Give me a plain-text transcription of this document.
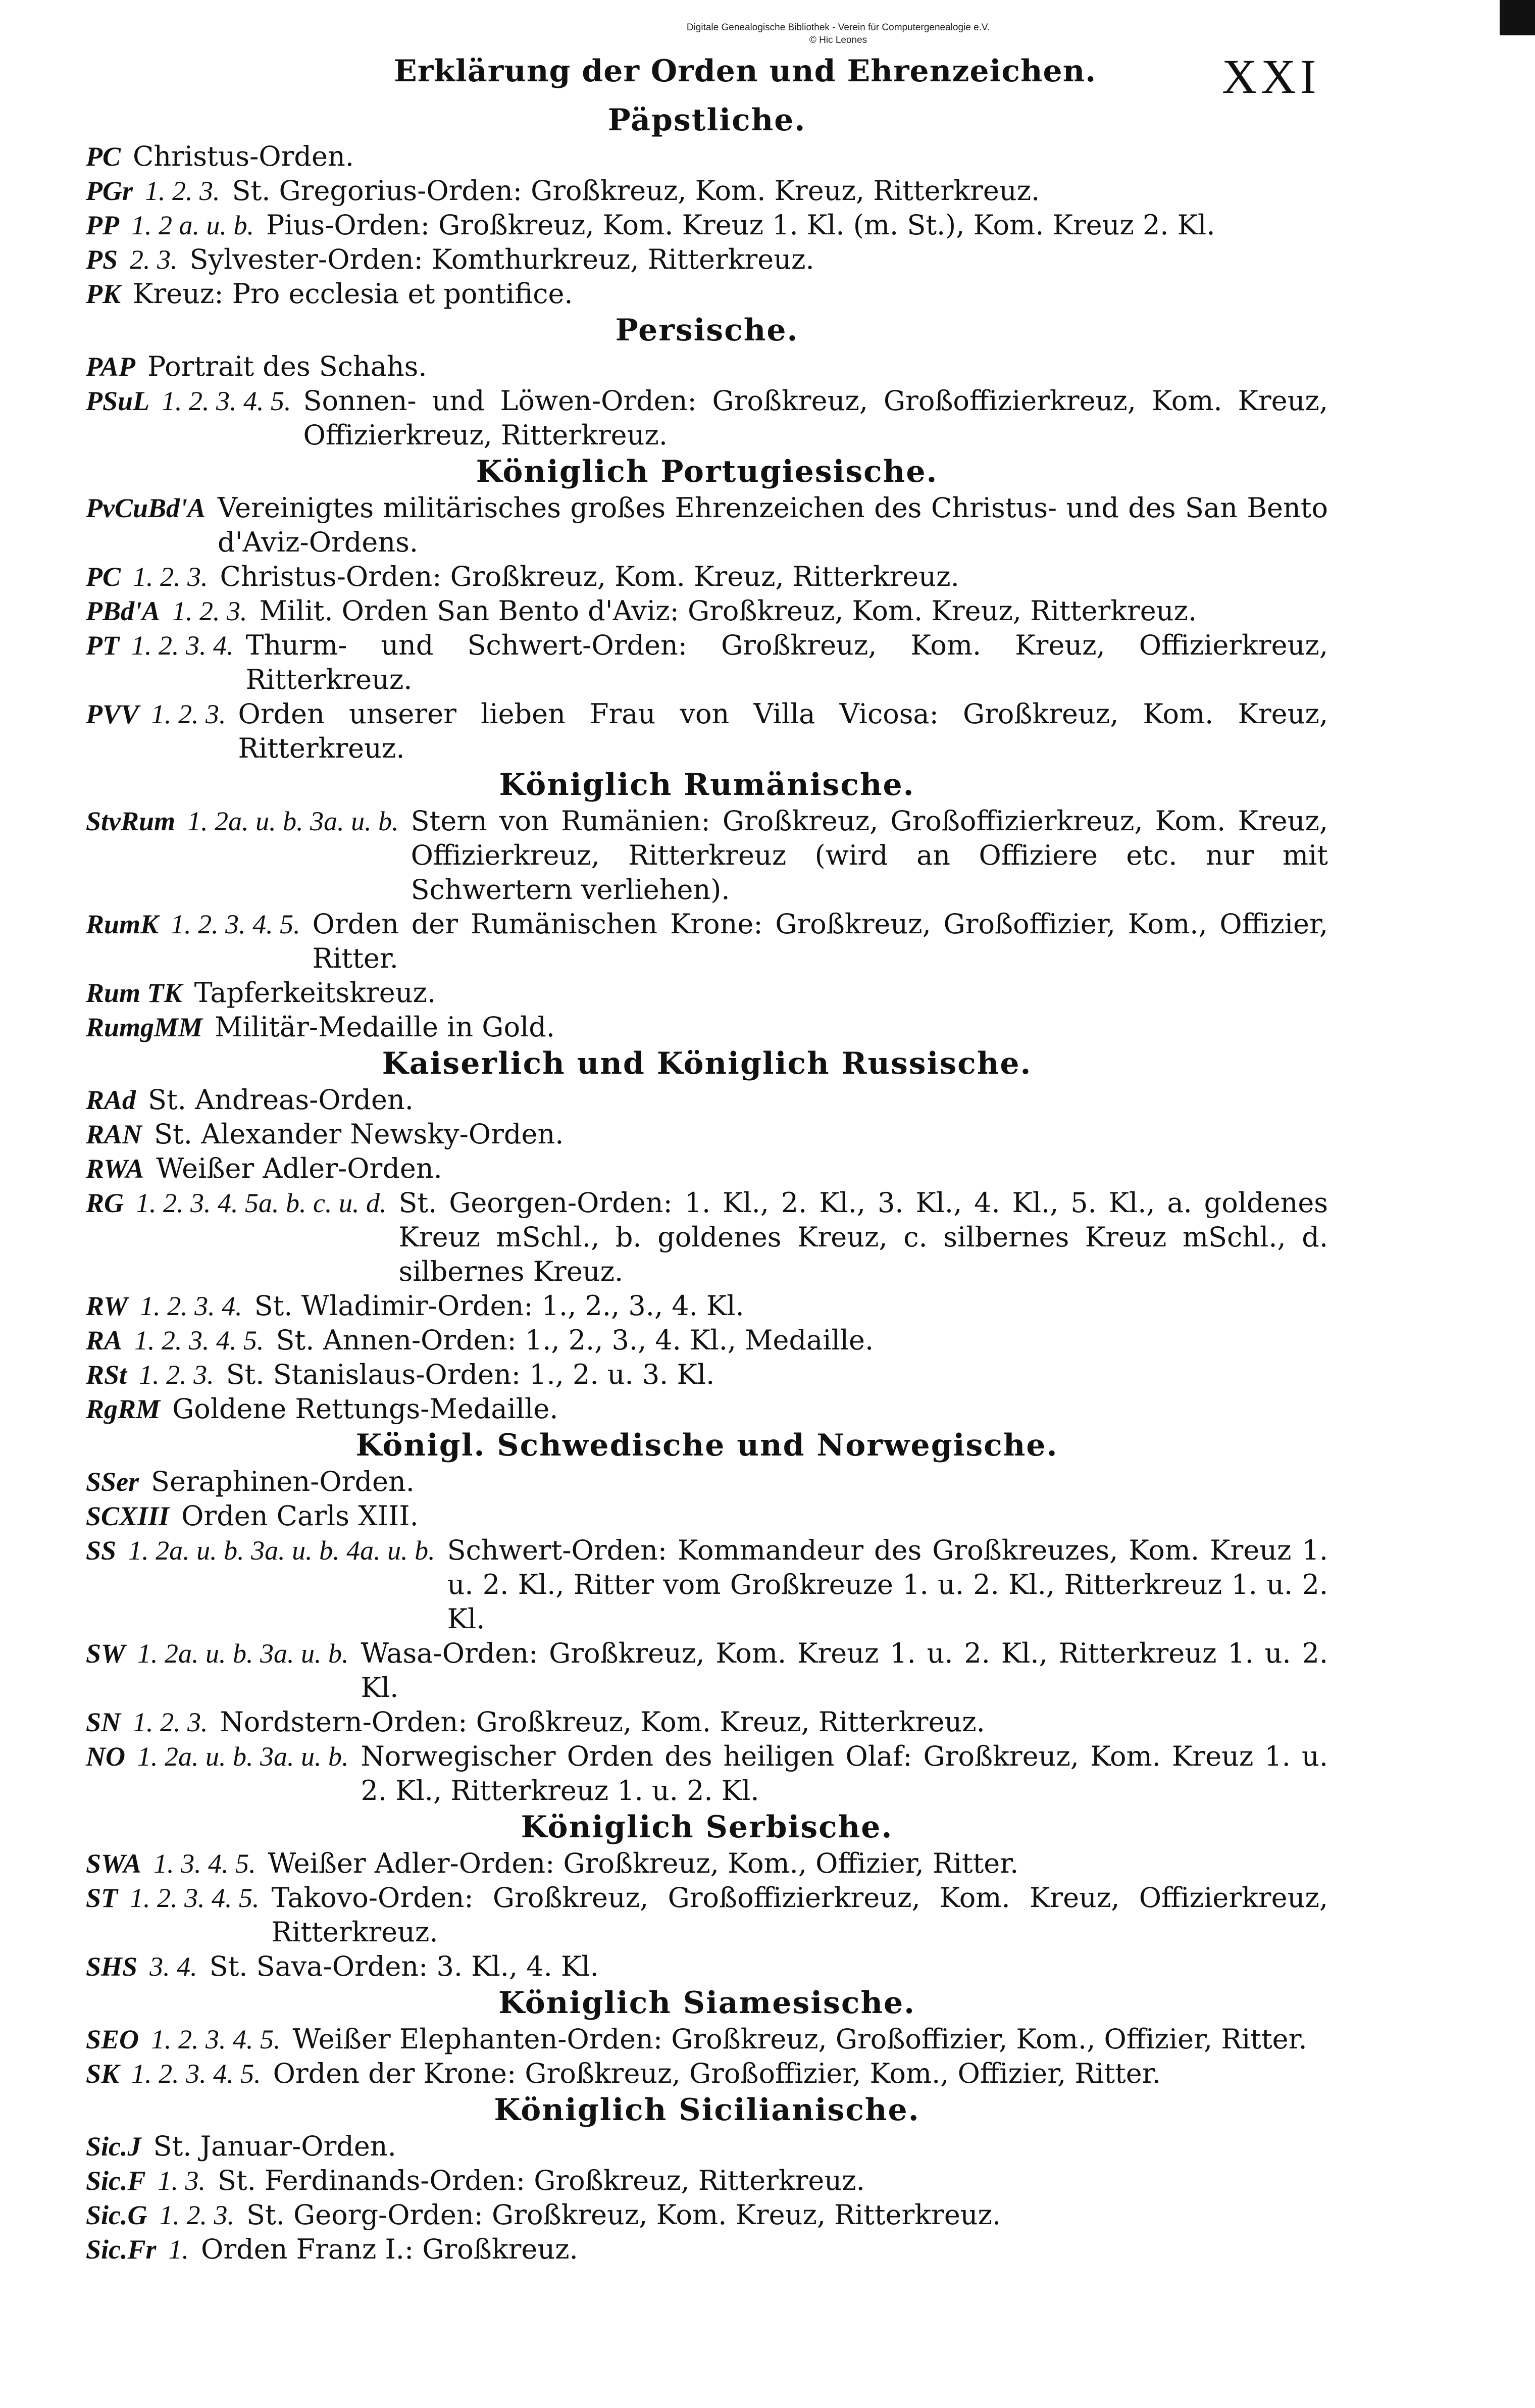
Digitale Genealogische Bibliothek - Verein für Computergenealogie e.V.
© Hic Leones
Erklärung der Orden und Ehrenzeichen.	XXI
Päpstliche.
PC Christus-Orden.
PGr 1. 2. 3. St. Gregorius-Orden: Großkreuz, Kom. Kreuz, Ritterkreuz.
PP 1. 2 a. u. b. Pius-Orden: Großkreuz, Kom. Kreuz 1. Kl. (m. St.), Kom. Kreuz 2. Kl.
PS 2. 3. Sylvester-Orden: Komthurkreuz, Ritterkreuz.
PK Kreuz: Pro ecclesia et pontifice.
Persische.
PAP Portrait des Schahs.
PSuL 1. 2. 3. 4. 5. Sonnen- und Löwen-Orden: Großkreuz, Großoffizierkreuz, Kom. Kreuz, Offizierkreuz, Ritterkreuz.
Königlich Portugiesische.
PvCuBd'A Vereinigtes militärisches großes Ehrenzeichen des Christus- und des San Bento d'Aviz-Ordens.
PC 1. 2. 3. Christus-Orden: Großkreuz, Kom. Kreuz, Ritterkreuz.
PBd'A 1. 2. 3. Milit. Orden San Bento d'Aviz: Großkreuz, Kom. Kreuz, Ritterkreuz.
PT 1. 2. 3. 4. Thurm- und Schwert-Orden: Großkreuz, Kom. Kreuz, Offizierkreuz, Ritterkreuz.
PVV 1. 2. 3. Orden unserer lieben Frau von Villa Vicosa: Großkreuz, Kom. Kreuz, Ritterkreuz.
Königlich Rumänische.
StvRum 1. 2a. u. b. 3a. u. b. Stern von Rumänien: Großkreuz, Großoffizierkreuz, Kom. Kreuz, Offizierkreuz, Ritterkreuz (wird an Offiziere etc. nur mit Schwertern verliehen).
RumK 1. 2. 3. 4. 5. Orden der Rumänischen Krone: Großkreuz, Großoffizier, Kom., Offizier, Ritter.
Rum TK Tapferkeitskreuz.
RumgMM Militär-Medaille in Gold.
Kaiserlich und Königlich Russische.
RAd St. Andreas-Orden.
RAN St. Alexander Newsky-Orden.
RWA Weißer Adler-Orden.
RG 1. 2. 3. 4. 5a. b. c. u. d. St. Georgen-Orden: 1. Kl., 2. Kl., 3. Kl., 4. Kl., 5. Kl., a. goldenes Kreuz mSchl., b. goldenes Kreuz, c. silbernes Kreuz mSchl., d. silbernes Kreuz.
RW 1. 2. 3. 4. St. Wladimir-Orden: 1., 2., 3., 4. Kl.
RA 1. 2. 3. 4. 5. St. Annen-Orden: 1., 2., 3., 4. Kl., Medaille.
RSt 1. 2. 3. St. Stanislaus-Orden: 1., 2. u. 3. Kl.
RgRM Goldene Rettungs-Medaille.
Königl. Schwedische und Norwegische.
SSer Seraphinen-Orden.
SCXIII Orden Carls XIII.
SS 1. 2a. u. b. 3a. u. b. 4a. u. b. Schwert-Orden: Kommandeur des Großkreuzes, Kom. Kreuz 1. u. 2. Kl., Ritter vom Großkreuze 1. u. 2. Kl., Ritterkreuz 1. u. 2. Kl.
SW 1. 2a. u. b. 3a. u. b. Wasa-Orden: Großkreuz, Kom. Kreuz 1. u. 2. Kl., Ritterkreuz 1. u. 2. Kl.
SN 1. 2. 3. Nordstern-Orden: Großkreuz, Kom. Kreuz, Ritterkreuz.
NO 1. 2a. u. b. 3a. u. b. Norwegischer Orden des heiligen Olaf: Großkreuz, Kom. Kreuz 1. u. 2. Kl., Ritterkreuz 1. u. 2. Kl.
Königlich Serbische.
SWA 1. 3. 4. 5. Weißer Adler-Orden: Großkreuz, Kom., Offizier, Ritter.
ST 1. 2. 3. 4. 5. Takovo-Orden: Großkreuz, Großoffizierkreuz, Kom. Kreuz, Offizierkreuz, Ritterkreuz.
SHS 3. 4. St. Sava-Orden: 3. Kl., 4. Kl.
Königlich Siamesische.
SEO 1. 2. 3. 4. 5. Weißer Elephanten-Orden: Großkreuz, Großoffizier, Kom., Offizier, Ritter.
SK 1. 2. 3. 4. 5. Orden der Krone: Großkreuz, Großoffizier, Kom., Offizier, Ritter.
Königlich Sicilianische.
Sic.J St. Januar-Orden.
Sic.F 1. 3. St. Ferdinands-Orden: Großkreuz, Ritterkreuz.
Sic.G 1. 2. 3. St. Georg-Orden: Großkreuz, Kom. Kreuz, Ritterkreuz.
Sic.Fr 1. Orden Franz I.: Großkreuz.
